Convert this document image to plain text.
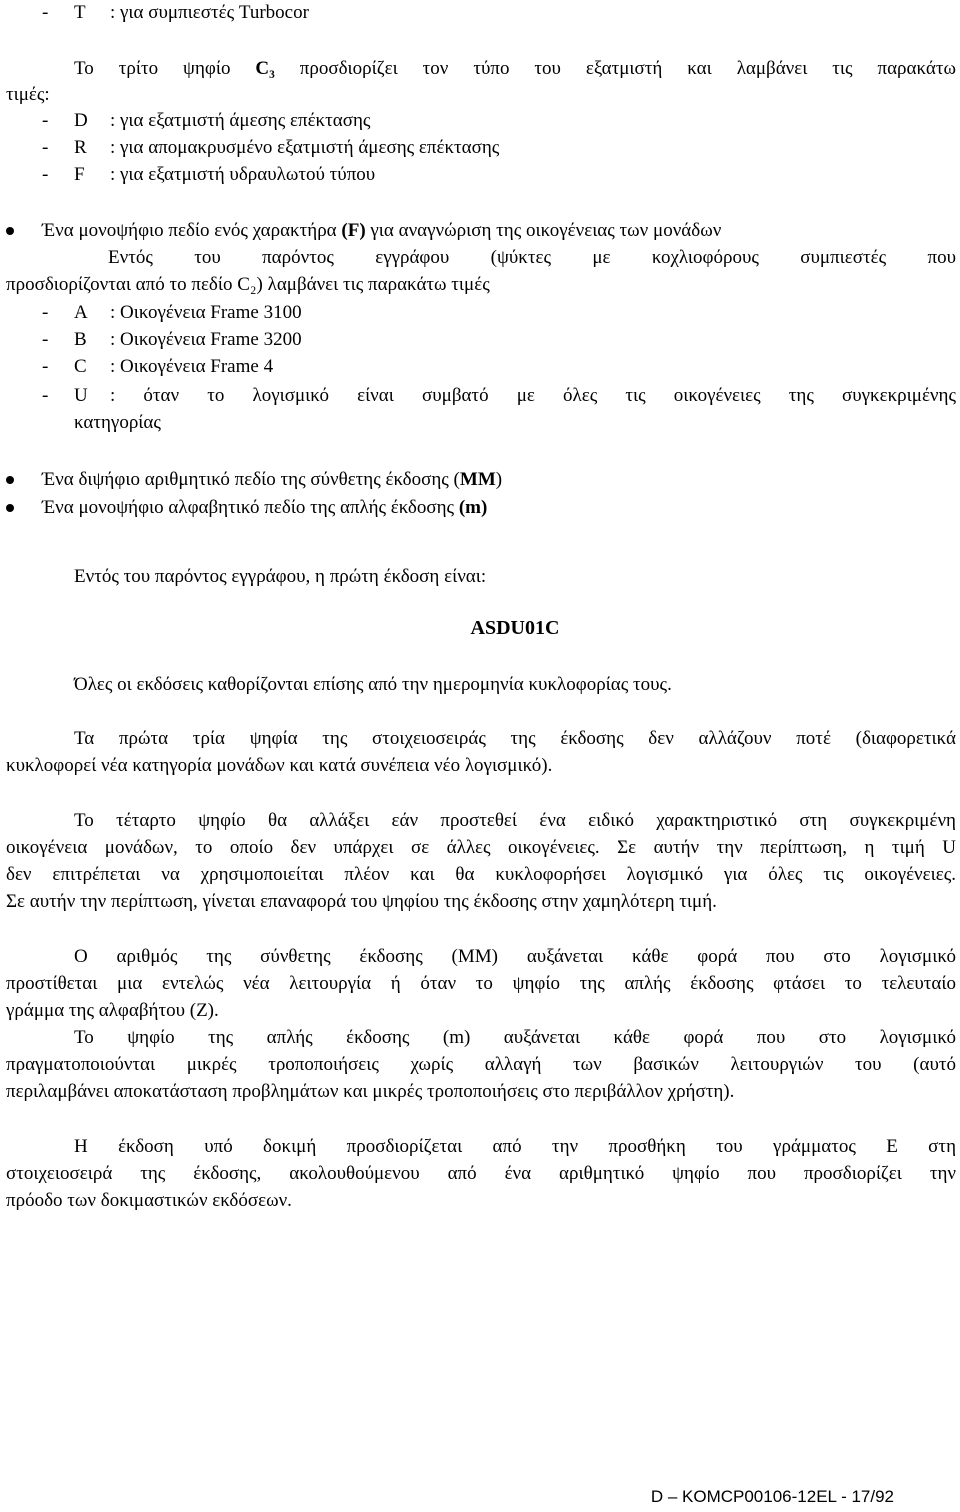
- T : για συμπιεστές Turbocor
Το τρίτο ψηφίο C₃ προσδιορίζει τον τύπο του εξατμιστή και λαμβάνει τις παρακάτω
τιμές:
- D : για εξατμιστή άμεσης επέκτασης
- R : για απομακρυσμένο εξατμιστή άμεσης επέκτασης
- F : για εξατμιστή υδραυλωτού τύπου
Ένα μονοψήφιο πεδίο ενός χαρακτήρα (F) για αναγνώριση της οικογένειας των μονάδων
Εντός του παρόντος εγγράφου (ψύκτες με κοχλιοφόρους συμπιεστές που
προσδιορίζονται από το πεδίο C₂) λαμβάνει τις παρακάτω τιμές
- A : Οικογένεια Frame 3100
- B : Οικογένεια Frame 3200
- C : Οικογένεια Frame 4
- U : όταν το λογισμικό είναι συμβατό με όλες τις οικογένειες της συγκεκριμένης
κατηγορίας
Ένα διψήφιο αριθμητικό πεδίο της σύνθετης έκδοσης (MM)
Ένα μονοψήφιο αλφαβητικό πεδίο της απλής έκδοσης (m)
Εντός του παρόντος εγγράφου, η πρώτη έκδοση είναι:
ASDU01C
Όλες οι εκδόσεις καθορίζονται επίσης από την ημερομηνία κυκλοφορίας τους.
Τα πρώτα τρία ψηφία της στοιχειοσειράς της έκδοσης δεν αλλάζουν ποτέ (διαφορετικά
κυκλοφορεί νέα κατηγορία μονάδων και κατά συνέπεια νέο λογισμικό).
Το τέταρτο ψηφίο θα αλλάξει εάν προστεθεί ένα ειδικό χαρακτηριστικό στη συγκεκριμένη
οικογένεια μονάδων, το οποίο δεν υπάρχει σε άλλες οικογένειες. Σε αυτήν την περίπτωση, η τιμή U
δεν επιτρέπεται να χρησιμοποιείται πλέον και θα κυκλοφορήσει λογισμικό για όλες τις οικογένειες.
Σε αυτήν την περίπτωση, γίνεται επαναφορά του ψηφίου της έκδοσης στην χαμηλότερη τιμή.
Ο αριθμός της σύνθετης έκδοσης (MM) αυξάνεται κάθε φορά που στο λογισμικό
προστίθεται μια εντελώς νέα λειτουργία ή όταν το ψηφίο της απλής έκδοσης φτάσει το τελευταίο
γράμμα της αλφαβήτου (Z).
Το ψηφίο της απλής έκδοσης (m) αυξάνεται κάθε φορά που στο λογισμικό
πραγματοποιούνται μικρές τροποποιήσεις χωρίς αλλαγή των βασικών λειτουργιών του (αυτό
περιλαμβάνει αποκατάσταση προβλημάτων και μικρές τροποποιήσεις στο περιβάλλον χρήστη).
Η έκδοση υπό δοκιμή προσδιορίζεται από την προσθήκη του γράμματος E στη
στοιχειοσειρά της έκδοσης, ακολουθούμενου από ένα αριθμητικό ψηφίο που προσδιορίζει την
πρόοδο των δοκιμαστικών εκδόσεων.
D – KOMCP00106-12EL - 17/92
